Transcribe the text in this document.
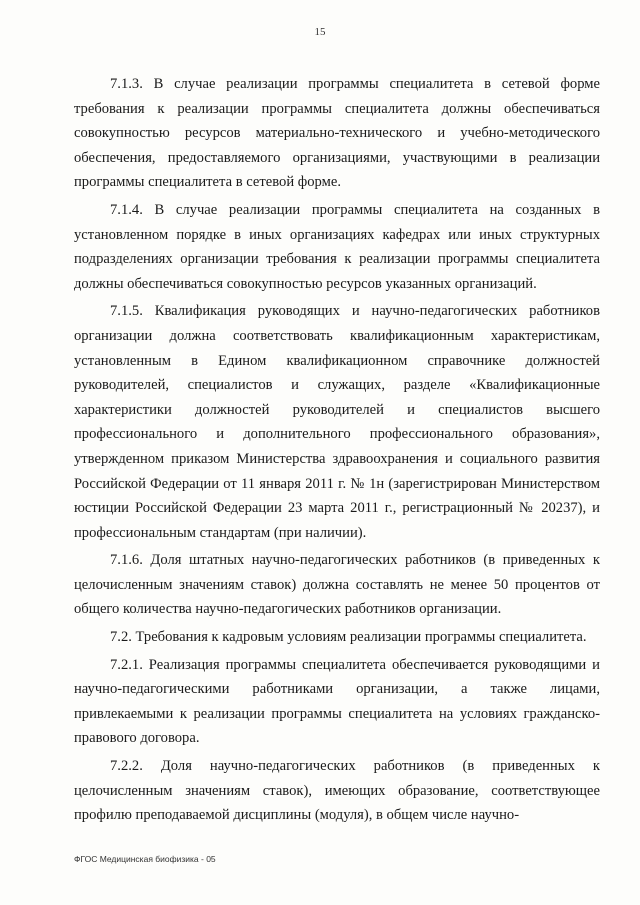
15

7.1.3. В случае реализации программы специалитета в сетевой форме требования к реализации программы специалитета должны обеспечиваться совокупностью ресурсов материально-технического и учебно-методического обеспечения, предоставляемого организациями, участвующими в реализации программы специалитета в сетевой форме.

7.1.4. В случае реализации программы специалитета на созданных в установленном порядке в иных организациях кафедрах или иных структурных подразделениях организации требования к реализации программы специалитета должны обеспечиваться совокупностью ресурсов указанных организаций.

7.1.5. Квалификация руководящих и научно-педагогических работников организации должна соответствовать квалификационным характеристикам, установленным в Едином квалификационном справочнике должностей руководителей, специалистов и служащих, разделе «Квалификационные характеристики должностей руководителей и специалистов высшего профессионального и дополнительного профессионального образования», утвержденном приказом Министерства здравоохранения и социального развития Российской Федерации от 11 января 2011 г. № 1н (зарегистрирован Министерством юстиции Российской Федерации 23 марта 2011 г., регистрационный № 20237), и профессиональным стандартам (при наличии).

7.1.6. Доля штатных научно-педагогических работников (в приведенных к целочисленным значениям ставок) должна составлять не менее 50 процентов от общего количества научно-педагогических работников организации.

7.2. Требования к кадровым условиям реализации программы специалитета.

7.2.1. Реализация программы специалитета обеспечивается руководящими и научно-педагогическими работниками организации, а также лицами, привлекаемыми к реализации программы специалитета на условиях гражданско-правового договора.

7.2.2. Доля научно-педагогических работников (в приведенных к целочисленным значениям ставок), имеющих образование, соответствующее профилю преподаваемой дисциплины (модуля), в общем числе научно-

ФГОС Медицинская биофизика - 05
